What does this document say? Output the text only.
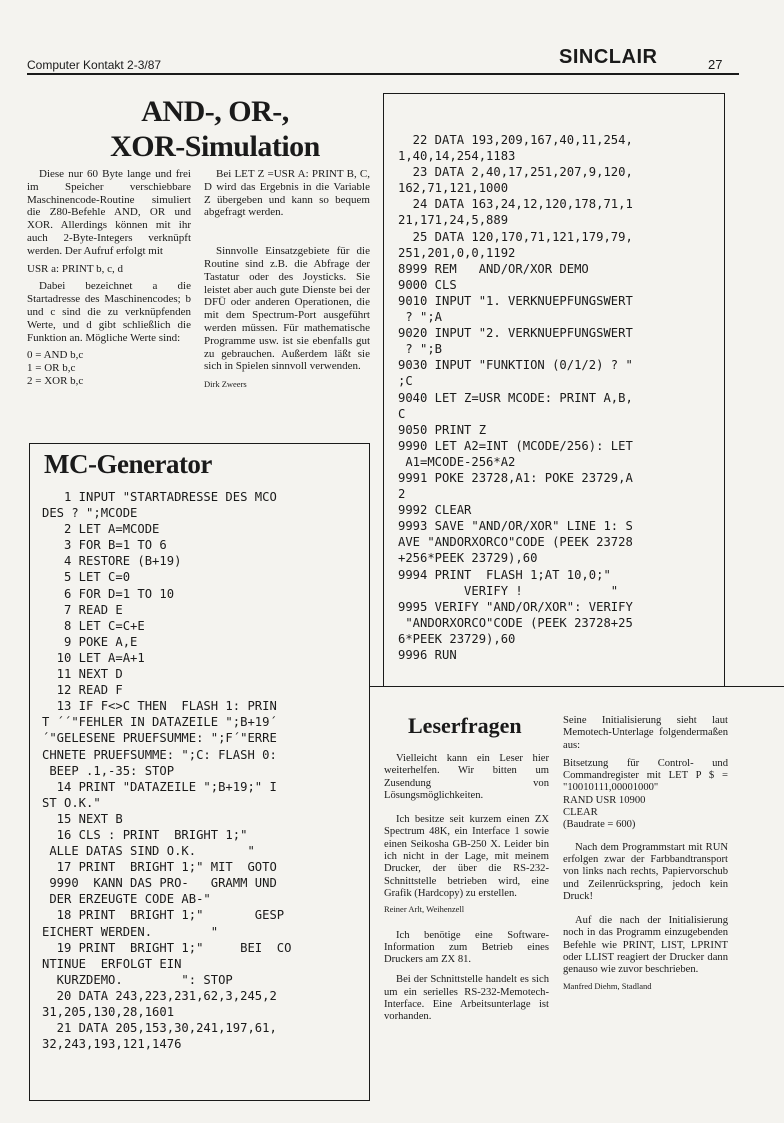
Computer Kontakt 2-3/87	SINCLAIR	27
AND-, OR-,
XOR-Simulation

Diese nur 60 Byte lange und frei im Speicher verschiebbare Maschinencode-Routine simuliert die Z80-Befehle AND, OR und XOR. Allerdings können mit ihr auch 2-Byte-Integers verknüpft werden. Der Aufruf erfolgt mit

USR a: PRINT b, c, d

Dabei bezeichnet a die Startadresse des Maschinencodes; b und c sind die zu verknüpfenden Werte, und d gibt schließlich die Funktion an. Mögliche Werte sind:

0 = AND b,c

1 = OR b,c

2 = XOR b,c

Bei LET Z =USR A: PRINT B, C, D wird das Ergebnis in die Variable Z übergeben und kann so bequem abgefragt werden.

Sinnvolle Einsatzgebiete für die Routine sind z.B. die Abfrage der Tastatur oder des Joysticks. Sie leistet aber auch gute Dienste bei der DFÜ oder anderen Operationen, die mit dem Spectrum-Port ausgeführt werden müssen. Für mathematische Programme usw. ist sie ebenfalls gut zu gebrauchen. Außerdem läßt sie sich in Spielen sinnvoll verwenden.

Dirk Zweers

MC-Generator
1 INPUT "STARTADRESSE DES MCO
DES ? ";MCODE
2 LET A=MCODE
3 FOR B=1 TO 6
4 RESTORE (B+19)
5 LET C=0
6 FOR D=1 TO 10
7 READ E
8 LET C=C+E
9 POKE A,E
10 LET A=A+1
11 NEXT D
12 READ F
13 IF F<>C THEN  FLASH 1: PRIN
T ´´"FEHLER IN DATAZEILE ";B+19´
´"GELESENE PRUEFSUMME: ";F´"ERRE
CHNETE PRUEFSUMME: ";C: FLASH 0:
BEEP .1,-35: STOP
14 PRINT "DATAZEILE ";B+19;" I
ST O.K."
15 NEXT B
16 CLS : PRINT  BRIGHT 1;"
ALLE DATAS SIND O.K.       "
17 PRINT  BRIGHT 1;" MIT  GOTO
9990  KANN DAS PRO-   GRAMM UND
DER ERZEUGTE CODE AB-"
18 PRINT  BRIGHT 1;"       GESP
EICHERT WERDEN.        "
19 PRINT  BRIGHT 1;"     BEI  CO
NTINUE  ERFOLGT EIN
KURZDEMO.        ": STOP
20 DATA 243,223,231,62,3,245,2
31,205,130,28,1601
21 DATA 205,153,30,241,197,61,
32,243,193,121,1476
22 DATA 193,209,167,40,11,254,
1,40,14,254,1183
23 DATA 2,40,17,251,207,9,120,
162,71,121,1000
24 DATA 163,24,12,120,178,71,1
21,171,24,5,889
25 DATA 120,170,71,121,179,79,
251,201,0,0,1192
8999 REM   AND/OR/XOR DEMO
9000 CLS
9010 INPUT "1. VERKNUEPFUNGSWERT
? ";A
9020 INPUT "2. VERKNUEPFUNGSWERT
? ";B
9030 INPUT "FUNKTION (0/1/2) ? "
;C
9040 LET Z=USR MCODE: PRINT A,B,
C
9050 PRINT Z
9990 LET A2=INT (MCODE/256): LET
A1=MCODE-256*A2
9991 POKE 23728,A1: POKE 23729,A
2
9992 CLEAR
9993 SAVE "AND/OR/XOR" LINE 1: S
AVE "ANDORXORCO"CODE (PEEK 23728
+256*PEEK 23729),60
9994 PRINT  FLASH 1;AT 10,0;"
VERIFY !            "
9995 VERIFY "AND/OR/XOR": VERIFY
"ANDORXORCO"CODE (PEEK 23728+25
6*PEEK 23729),60
9996 RUN
Leserfragen

Vielleicht kann ein Leser hier weiterhelfen. Wir bitten um Zusendung von Lösungsmöglichkeiten.

Ich besitze seit kurzem einen ZX Spectrum 48K, ein Interface 1 sowie einen Seikosha GB-250 X. Leider bin ich nicht in der Lage, mit meinem Drucker, der über die RS-232-Schnittstelle betrieben wird, eine Grafik (Hardcopy) zu erstellen.

Reiner Arlt, Weihenzell

Ich benötige eine Software-Information zum Betrieb eines Druckers am ZX 81.

Bei der Schnittstelle handelt es sich um ein serielles RS-232-Memotech-Interface. Eine Arbeitsunterlage ist vorhanden.

Seine Initialisierung sieht laut Memotech-Unterlage folgendermaßen aus:

Bitsetzung für Control- und Commandregister mit LET P $ = "10010111,00001000"

RAND USR 10900

CLEAR

(Baudrate = 600)

Nach dem Programmstart mit RUN erfolgen zwar der Farbbandtransport von links nach rechts, Papiervorschub und Zeilenrückspring, jedoch kein Druck!

Auf die nach der Initialisierung noch in das Programm einzugebenden Befehle wie PRINT, LIST, LPRINT oder LLIST reagiert der Drucker dann genauso wie zuvor beschrieben.

Manfred Diehm, Stadland
